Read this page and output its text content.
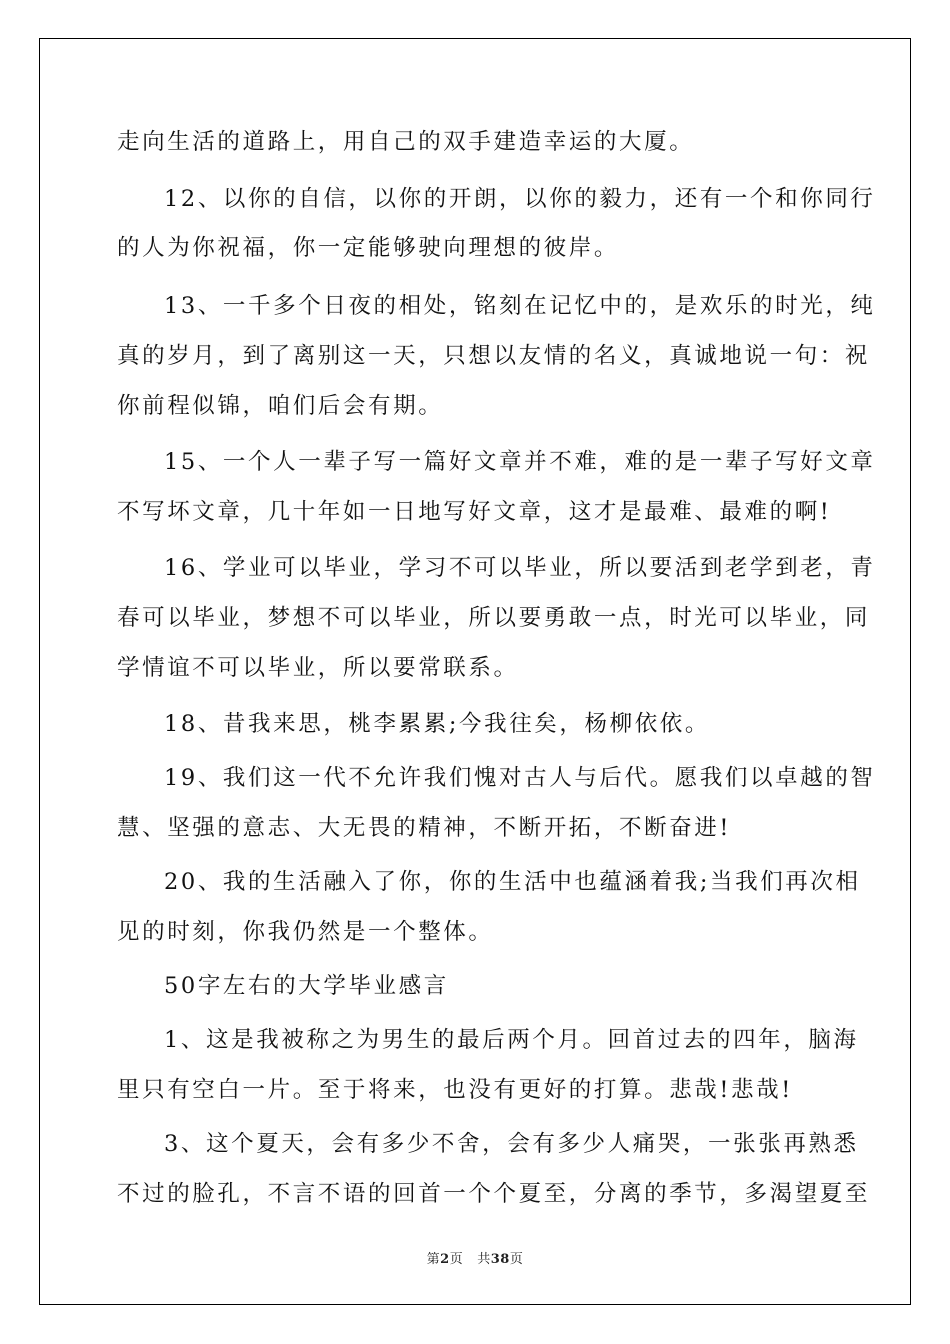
走向生活的道路上，用自己的双手建造幸运的大厦。

12、以你的自信，以你的开朗，以你的毅力，还有一个和你同行

的人为你祝福，你一定能够驶向理想的彼岸。

13、一千多个日夜的相处，铭刻在记忆中的，是欢乐的时光，纯

真的岁月，到了离别这一天，只想以友情的名义，真诚地说一句：祝

你前程似锦，咱们后会有期。

15、一个人一辈子写一篇好文章并不难，难的是一辈子写好文章

不写坏文章，几十年如一日地写好文章，这才是最难、最难的啊!

16、学业可以毕业，学习不可以毕业，所以要活到老学到老，青

春可以毕业，梦想不可以毕业，所以要勇敢一点，时光可以毕业，同

学情谊不可以毕业，所以要常联系。

18、昔我来思，桃李累累;今我往矣，杨柳依依。

19、我们这一代不允许我们愧对古人与后代。愿我们以卓越的智

慧、坚强的意志、大无畏的精神，不断开拓，不断奋进!

20、我的生活融入了你，你的生活中也蕴涵着我;当我们再次相

见的时刻，你我仍然是一个整体。

50字左右的大学毕业感言

1、这是我被称之为男生的最后两个月。回首过去的四年，脑海

里只有空白一片。至于将来，也没有更好的打算。悲哉!悲哉!

3、这个夏天，会有多少不舍，会有多少人痛哭，一张张再熟悉

不过的脸孔，不言不语的回首一个个夏至，分离的季节，多渴望夏至

第2页 共38页
